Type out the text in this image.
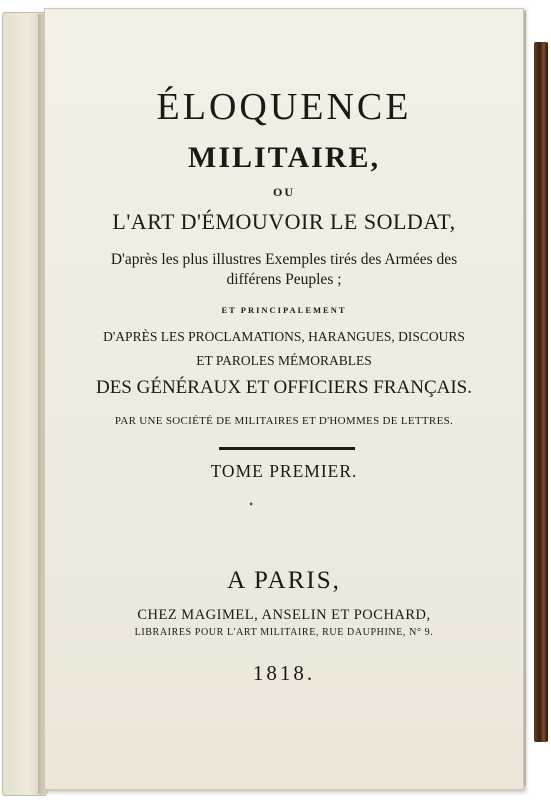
ÉLOQUENCE
MILITAIRE,
OU
L'ART D'ÉMOUVOIR LE SOLDAT,
D'après les plus illustres Exemples tirés des Armées des
différens Peuples ;
ET PRINCIPALEMENT
D'APRÈS LES PROCLAMATIONS, HARANGUES, DISCOURS
ET PAROLES MÉMORABLES
DES GÉNÉRAUX ET OFFICIERS FRANÇAIS.
PAR UNE SOCIÉTÉ DE MILITAIRES ET D'HOMMES DE LETTRES.
TOME PREMIER.
•
A PARIS,
CHEZ MAGIMEL, ANSELIN ET POCHARD,
LIBRAIRES POUR L'ART MILITAIRE, RUE DAUPHINE, N° 9.
1818.
